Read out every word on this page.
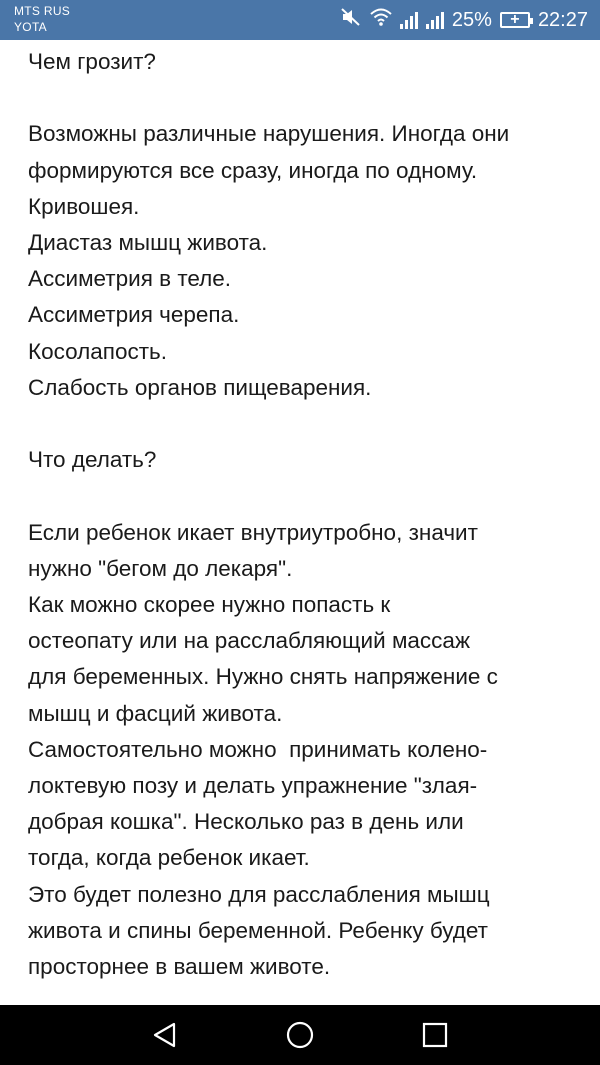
MTS RUS
YOTA	25%	+ 22:27
Чем грозит?

Возможны различные нарушения. Иногда они
формируются все сразу, иногда по одному.
Кривошея.
Диастаз мышц живота.
Ассиметрия в теле.
Ассиметрия черепа.
Косолапость.
Слабость органов пищеварения.

Что делать?

Если ребенок икает внутриутробно, значит
нужно "бегом до лекаря".
Как можно скорее нужно попасть к
остеопату или на расслабляющий массаж
для беременных. Нужно снять напряжение с
мышц и фасций живота.
Самостоятельно можно  принимать колено-
локтевую позу и делать упражнение "злая-
добрая кошка". Несколько раз в день или
тогда, когда ребенок икает.
Это будет полезно для расслабления мышц
живота и спины беременной. Ребенку будет
просторнее в вашем животе.
